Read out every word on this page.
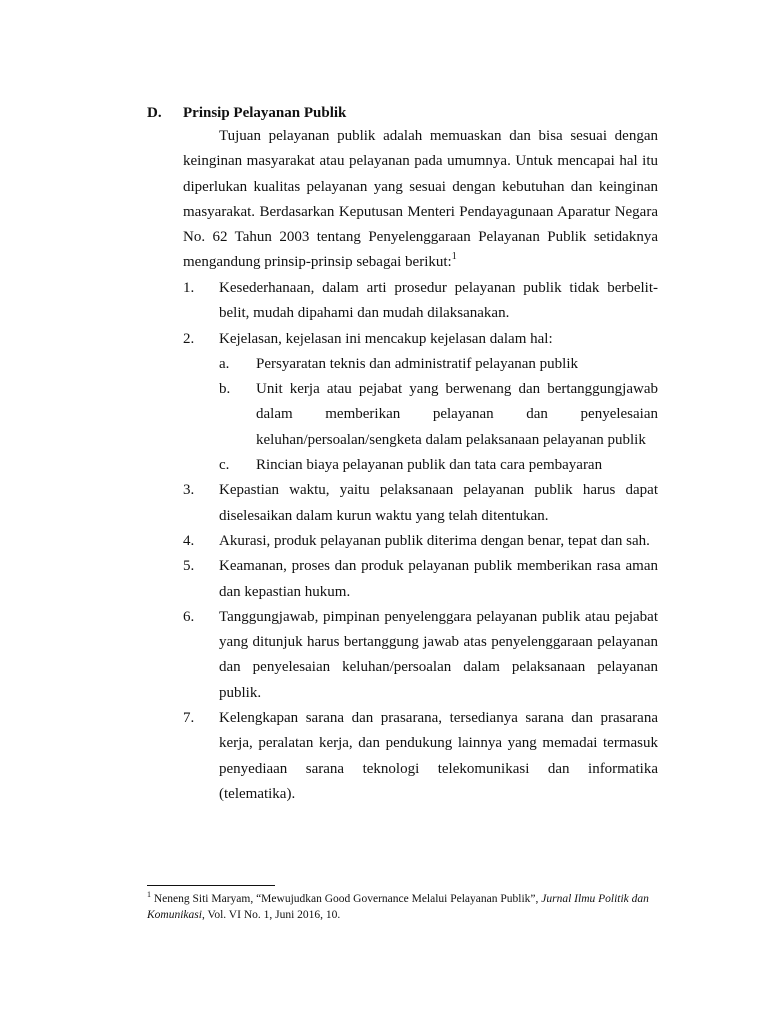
D. Prinsip Pelayanan Publik
Tujuan pelayanan publik adalah memuaskan dan bisa sesuai dengan keinginan masyarakat atau pelayanan pada umumnya. Untuk mencapai hal itu diperlukan kualitas pelayanan yang sesuai dengan kebutuhan dan keinginan masyarakat. Berdasarkan Keputusan Menteri Pendayagunaan Aparatur Negara No. 62 Tahun 2003 tentang Penyelenggaraan Pelayanan Publik setidaknya mengandung prinsip-prinsip sebagai berikut:$^1$
1.	Kesederhanaan, dalam arti prosedur pelayanan publik tidak berbelit-belit, mudah dipahami dan mudah dilaksanakan.
2.	Kejelasan, kejelasan ini mencakup kejelasan dalam hal:
a.	Persyaratan teknis dan administratif pelayanan publik
b.	Unit kerja atau pejabat yang berwenang dan bertanggungjawab dalam memberikan pelayanan dan penyelesaian keluhan/persoalan/sengketa dalam pelaksanaan pelayanan publik
c.	Rincian biaya pelayanan publik dan tata cara pembayaran
3.	Kepastian waktu, yaitu pelaksanaan pelayanan publik harus dapat diselesaikan dalam kurun waktu yang telah ditentukan.
4.	Akurasi, produk pelayanan publik diterima dengan benar, tepat dan sah.
5.	Keamanan, proses dan produk pelayanan publik memberikan rasa aman dan kepastian hukum.
6.	Tanggungjawab, pimpinan penyelenggara pelayanan publik atau pejabat yang ditunjuk harus bertanggung jawab atas penyelenggaraan pelayanan dan penyelesaian keluhan/persoalan dalam pelaksanaan pelayanan publik.
7.	Kelengkapan sarana dan prasarana, tersedianya sarana dan prasarana kerja, peralatan kerja, dan pendukung lainnya yang memadai termasuk penyediaan sarana teknologi telekomunikasi dan informatika (telematika).
$^1$ Neneng Siti Maryam, “Mewujudkan Good Governance Melalui Pelayanan Publik”, Jurnal Ilmu Politik dan Komunikasi, Vol. VI No. 1, Juni 2016, 10.
